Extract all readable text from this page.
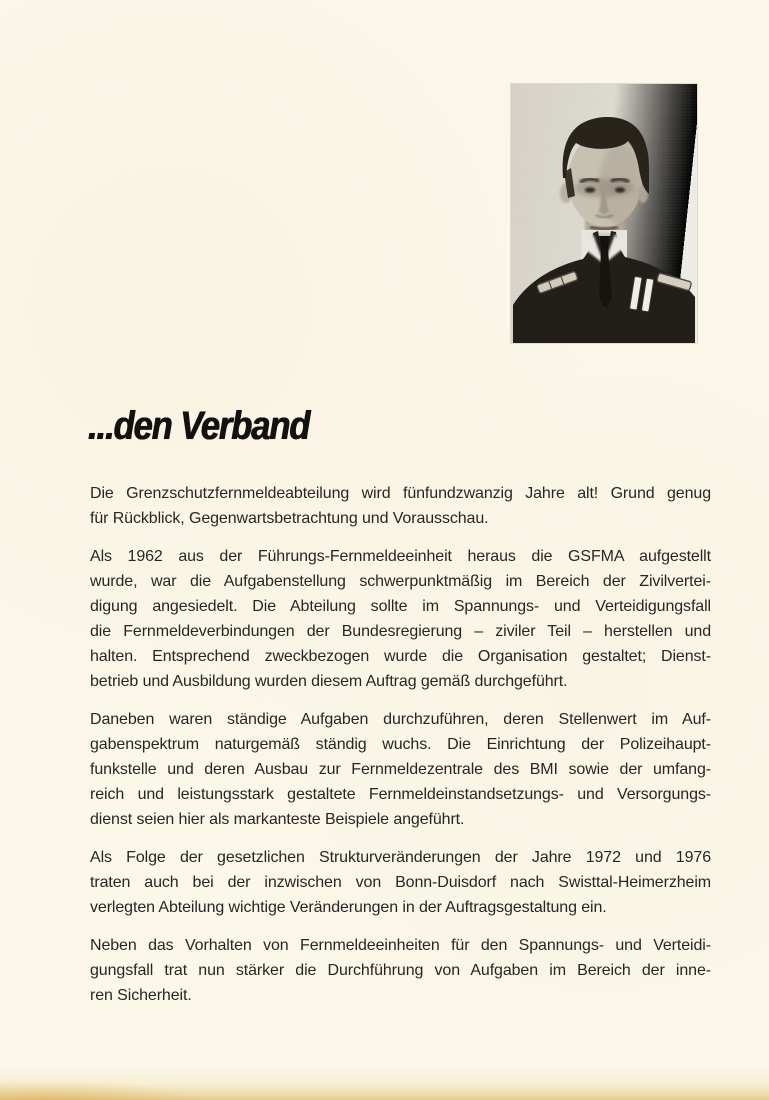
...den Verband
Die Grenzschutzfernmeldeabteilung wird fünfundzwanzig Jahre alt! Grund genug
für Rückblick, Gegenwartsbetrachtung und Vorausschau.
Als 1962 aus der Führungs-Fernmeldeeinheit heraus die GSFMA aufgestellt
wurde, war die Aufgabenstellung schwerpunktmäßig im Bereich der Zivilvertei-
digung angesiedelt. Die Abteilung sollte im Spannungs- und Verteidigungsfall
die Fernmeldeverbindungen der Bundesregierung – ziviler Teil – herstellen und
halten. Entsprechend zweckbezogen wurde die Organisation gestaltet; Dienst-
betrieb und Ausbildung wurden diesem Auftrag gemäß durchgeführt.
Daneben waren ständige Aufgaben durchzuführen, deren Stellenwert im Auf-
gabenspektrum naturgemäß ständig wuchs. Die Einrichtung der Polizeihaupt-
funkstelle und deren Ausbau zur Fernmeldezentrale des BMI sowie der umfang-
reich und leistungsstark gestaltete Fernmeldeinstandsetzungs- und Versorgungs-
dienst seien hier als markanteste Beispiele angeführt.
Als Folge der gesetzlichen Strukturveränderungen der Jahre 1972 und 1976
traten auch bei der inzwischen von Bonn-Duisdorf nach Swisttal-Heimerzheim
verlegten Abteilung wichtige Veränderungen in der Auftragsgestaltung ein.
Neben das Vorhalten von Fernmeldeeinheiten für den Spannungs- und Verteidi-
gungsfall trat nun stärker die Durchführung von Aufgaben im Bereich der inne-
ren Sicherheit.
